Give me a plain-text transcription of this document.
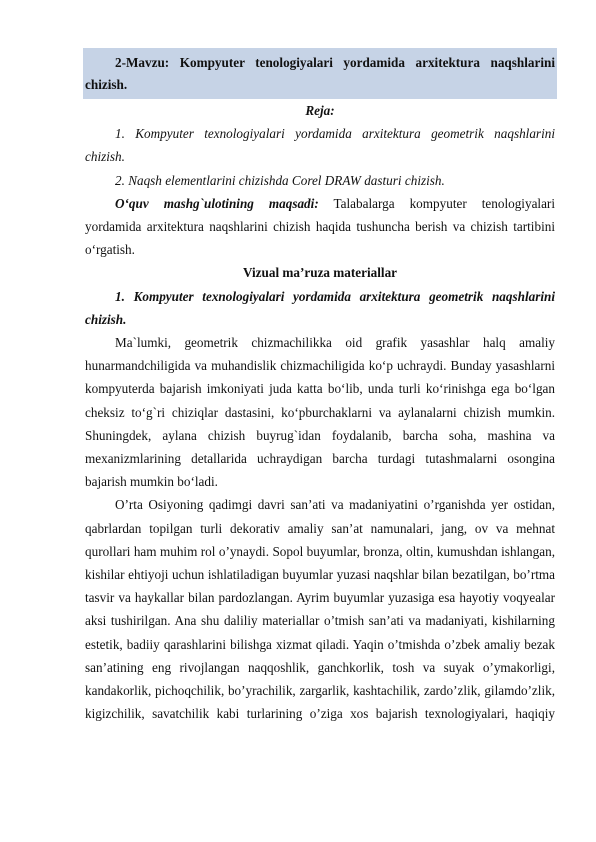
2-Mavzu: Kompyuter tenologiyalari yordamida arxitektura naqshlarini chizish.

Reja:

1. Kompyuter texnologiyalari yordamida arxitektura geometrik naqshlarini chizish.

2. Naqsh elementlarini chizishda Corel DRAW dasturi chizish.

O‘quv mashg`ulotining maqsadi: Talabalarga kompyuter tenologiyalari yordamida arxitektura naqshlarini chizish haqida tushuncha berish va chizish tartibini o‘rgatish.

Vizual ma’ruza materiallar

1. Kompyuter texnologiyalari yordamida arxitektura geometrik naqshlarini chizish.

Ma`lumki, geometrik chizmachilikka oid grafik yasashlar halq amaliy hunarmandchiligida va muhandislik chizmachiligida ko‘p uchraydi. Bunday yasashlarni kompyuterda bajarish imkoniyati juda katta bo‘lib, unda turli ko‘rinishga ega bo‘lgan cheksiz to‘g`ri chiziqlar dastasini, ko‘pburchaklarni va aylanalarni chizish mumkin. Shuningdek, aylana chizish buyrug`idan foydalanib, barcha soha, mashina va mexanizmlarining detallarida uchraydigan barcha turdagi tutashmalarni osongina bajarish mumkin bo‘ladi.

O’rta Osiyoning qadimgi davri san’ati va madaniyatini o’rganishda yer ostidan, qabrlardan topilgan turli dekorativ amaliy san’at namunalari, jang, ov va mehnat qurollari ham muhim rol o’ynaydi. Sopol buyumlar, bronza, oltin, kumushdan ishlangan, kishilar ehtiyoji uchun ishlatiladigan buyumlar yuzasi naqshlar bilan bezatilgan, bo’rtma tasvir va haykallar bilan pardozlangan. Ayrim buyumlar yuzasiga esa hayotiy voqyealar aksi tushirilgan. Ana shu daliliy materiallar o’tmish san’ati va madaniyati, kishilarning estetik, badiiy qarashlarini bilishga xizmat qiladi. Yaqin o’tmishda o’zbek amaliy bezak san’atining eng rivojlangan naqqoshlik, ganchkorlik, tosh va suyak o’ymakorligi, kandakorlik, pichoqchilik, bo’yrachilik, zargarlik, kashtachilik, zardo’zlik, gilamdo’zlik, kigizchilik, savatchilik kabi turlarining o’ziga xos bajarish texnologiyalari, haqiqiy
